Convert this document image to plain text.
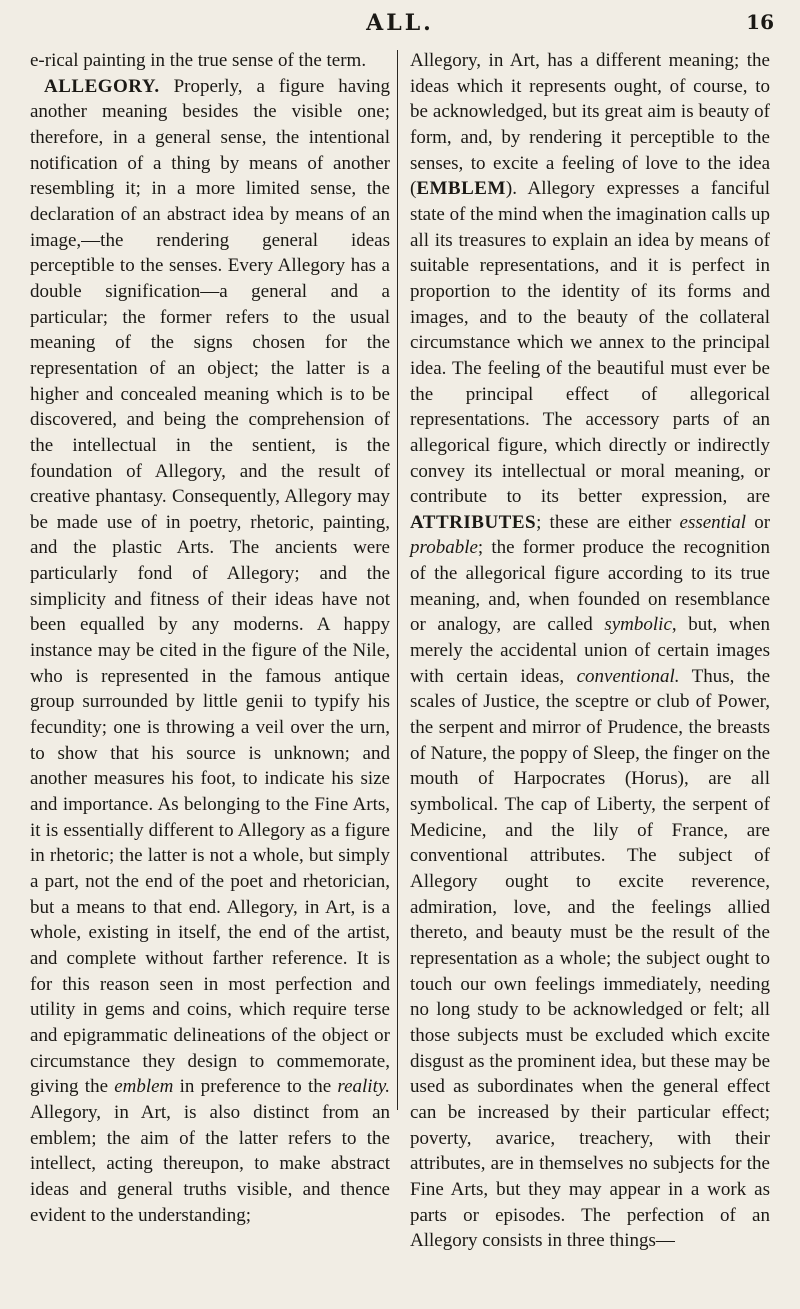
ALL.	16

e-rical painting in the true sense of the term.

ALLEGORY. Properly, a figure having another meaning besides the visible one; therefore, in a general sense, the intentional notification of a thing by means of another resembling it; in a more limited sense, the declaration of an abstract idea by means of an image,—the rendering general ideas perceptible to the senses. Every Allegory has a double signification—a general and a particular; the former refers to the usual meaning of the signs chosen for the representation of an object; the latter is a higher and concealed meaning which is to be discovered, and being the comprehension of the intellectual in the sentient, is the foundation of Allegory, and the result of creative phantasy. Consequently, Allegory may be made use of in poetry, rhetoric, painting, and the plastic Arts. The ancients were particularly fond of Allegory; and the simplicity and fitness of their ideas have not been equalled by any moderns. A happy instance may be cited in the figure of the Nile, who is represented in the famous antique group surrounded by little genii to typify his fecundity; one is throwing a veil over the urn, to show that his source is unknown; and another measures his foot, to indicate his size and importance. As belonging to the Fine Arts, it is essentially different to Allegory as a figure in rhetoric; the latter is not a whole, but simply a part, not the end of the poet and rhetorician, but a means to that end. Allegory, in Art, is a whole, existing in itself, the end of the artist, and complete without farther reference. It is for this reason seen in most perfection and utility in gems and coins, which require terse and epigrammatic delineations of the object or circumstance they design to commemorate, giving the emblem in preference to the reality. Allegory, in Art, is also distinct from an emblem; the aim of the latter refers to the intellect, acting thereupon, to make abstract ideas and general truths visible, and thence evident to the understanding;

Allegory, in Art, has a different meaning; the ideas which it represents ought, of course, to be acknowledged, but its great aim is beauty of form, and, by rendering it perceptible to the senses, to excite a feeling of love to the idea (EMBLEM). Allegory expresses a fanciful state of the mind when the imagination calls up all its treasures to explain an idea by means of suitable representations, and it is perfect in proportion to the identity of its forms and images, and to the beauty of the collateral circumstance which we annex to the principal idea. The feeling of the beautiful must ever be the principal effect of allegorical representations. The accessory parts of an allegorical figure, which directly or indirectly convey its intellectual or moral meaning, or contribute to its better expression, are ATTRIBUTES; these are either essential or probable; the former produce the recognition of the allegorical figure according to its true meaning, and, when founded on resemblance or analogy, are called symbolic, but, when merely the accidental union of certain images with certain ideas, conventional. Thus, the scales of Justice, the sceptre or club of Power, the serpent and mirror of Prudence, the breasts of Nature, the poppy of Sleep, the finger on the mouth of Harpocrates (Horus), are all symbolical. The cap of Liberty, the serpent of Medicine, and the lily of France, are conventional attributes. The subject of Allegory ought to excite reverence, admiration, love, and the feelings allied thereto, and beauty must be the result of the representation as a whole; the subject ought to touch our own feelings immediately, needing no long study to be acknowledged or felt; all those subjects must be excluded which excite disgust as the prominent idea, but these may be used as subordinates when the general effect can be increased by their particular effect; poverty, avarice, treachery, with their attributes, are in themselves no subjects for the Fine Arts, but they may appear in a work as parts or episodes. The perfection of an Allegory consists in three things—
